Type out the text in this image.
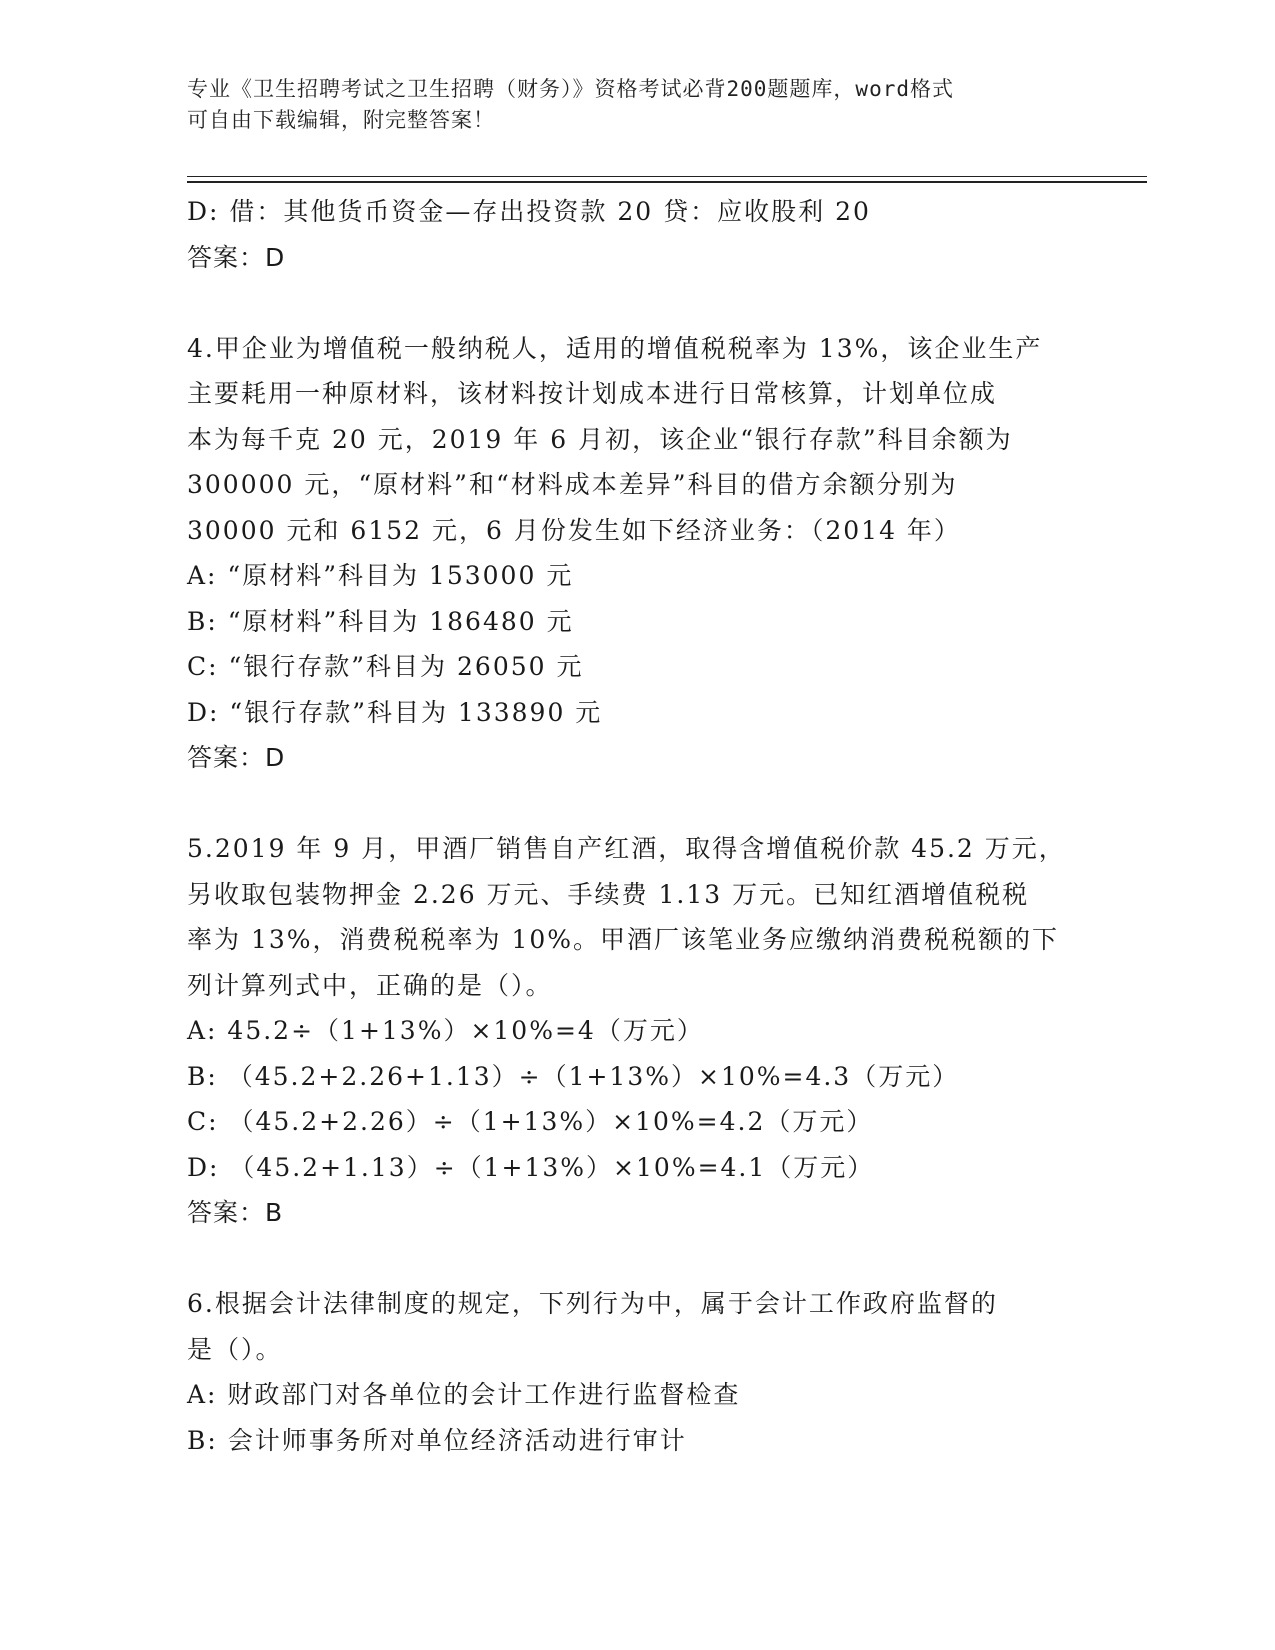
专业《卫生招聘考试之卫生招聘（财务）》资格考试必背200题题库，word格式
可自由下载编辑，附完整答案！
D: 借：其他货币资金—存出投资款 20 贷：应收股利 20
答案：D
4.甲企业为增值税一般纳税人，适用的增值税税率为 13%，该企业生产
主要耗用一种原材料，该材料按计划成本进行日常核算，计划单位成
本为每千克 20 元，2019 年 6 月初，该企业“银行存款”科目余额为
300000 元，“原材料”和“材料成本差异”科目的借方余额分别为
30000 元和 6152 元，6 月份发生如下经济业务：（2014 年）
A: “原材料”科目为 153000 元
B: “原材料”科目为 186480 元
C: “银行存款”科目为 26050 元
D: “银行存款”科目为 133890 元
答案：D
5.2019 年 9 月，甲酒厂销售自产红酒，取得含增值税价款 45.2 万元，
另收取包装物押金 2.26 万元、手续费 1.13 万元。已知红酒增值税税
率为 13%，消费税税率为 10%。甲酒厂该笔业务应缴纳消费税税额的下
列计算列式中，正确的是（）。
A: 45.2÷（1+13%）×10%=4（万元）
B: （45.2+2.26+1.13）÷（1+13%）×10%=4.3（万元）
C: （45.2+2.26）÷（1+13%）×10%=4.2（万元）
D: （45.2+1.13）÷（1+13%）×10%=4.1（万元）
答案：B
6.根据会计法律制度的规定，下列行为中，属于会计工作政府监督的
是（）。
A: 财政部门对各单位的会计工作进行监督检查
B: 会计师事务所对单位经济活动进行审计
